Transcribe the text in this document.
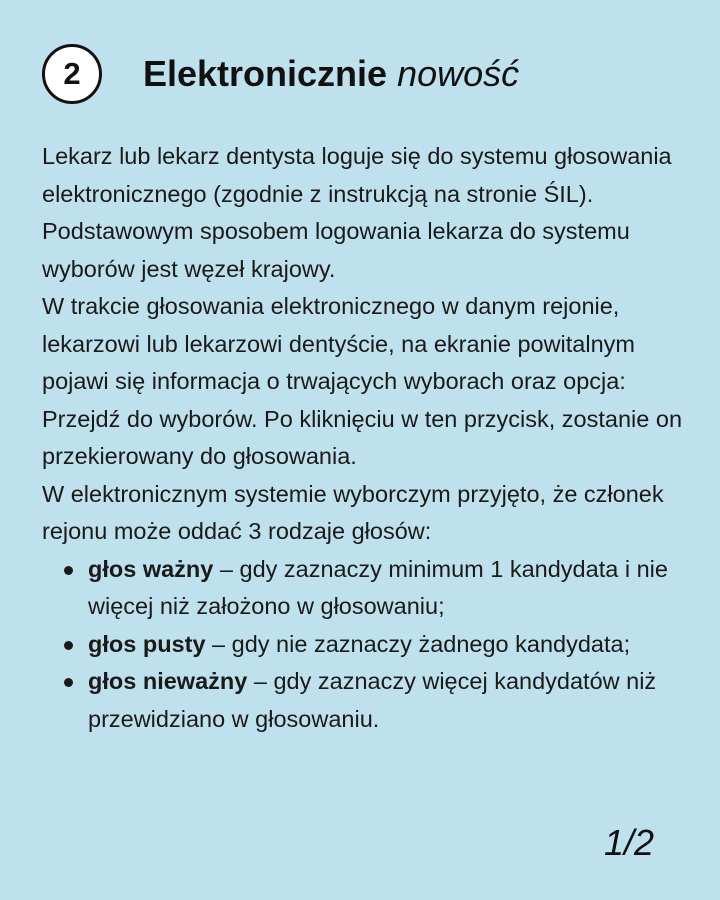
2	Elektronicznie nowość

Lekarz lub lekarz dentysta loguje się do systemu głosowania elektronicznego (zgodnie z instrukcją na stronie ŚIL).

Podstawowym sposobem logowania lekarza do systemu wyborów jest węzeł krajowy.

W trakcie głosowania elektronicznego w danym rejonie, lekarzowi lub lekarzowi dentyście, na ekranie powitalnym pojawi się informacja o trwających wyborach oraz opcja: Przejdź do wyborów. Po kliknięciu w ten przycisk, zostanie on przekierowany do głosowania.

W elektronicznym systemie wyborczym przyjęto, że członek rejonu może oddać 3 rodzaje głosów:

głos ważny – gdy zaznaczy minimum 1 kandydata i nie więcej niż założono w głosowaniu;
głos pusty – gdy nie zaznaczy żadnego kandydata;
głos nieważny – gdy zaznaczy więcej kandydatów niż przewidziano w głosowaniu.
1/2
